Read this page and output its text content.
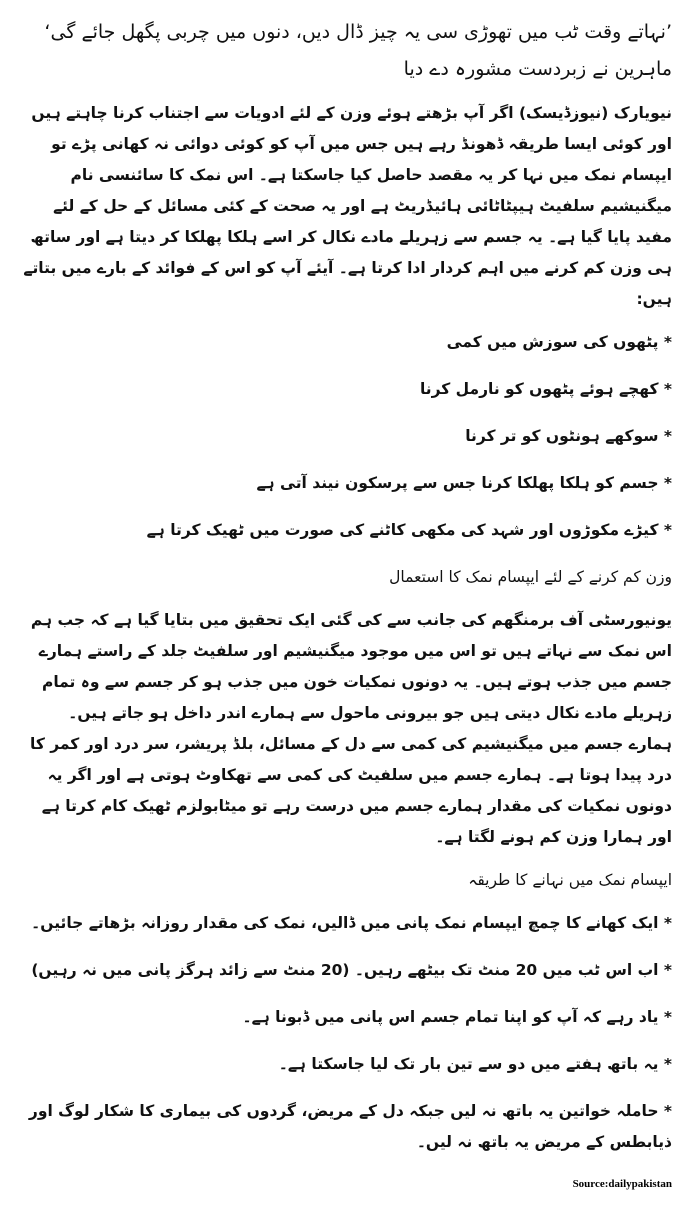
’نہاتے وقت ٹب میں تھوڑی سی یہ چیز ڈال دیں، دنوں میں چربی پگھل جائے گی‘ ماہرین نے زبردست مشورہ دے دیا

نیویارک (نیوزڈیسک) اگر آپ بڑھتے ہوئے وزن کے لئے ادویات سے اجتناب کرنا چاہتے ہیں اور کوئی ایسا طریقہ ڈھونڈ رہے ہیں جس میں آپ کو کوئی دوائی نہ کھانی پڑے تو ایپسام نمک میں نہا کر یہ مقصد حاصل کیا جاسکتا ہے۔ اس نمک کا سائنسی نام میگنیشیم سلفیٹ ہیپٹاٹائی ہائیڈریٹ ہے اور یہ صحت کے کئی مسائل کے حل کے لئے مفید پایا گیا ہے۔ یہ جسم سے زہریلے مادے نکال کر اسے ہلکا پھلکا کر دیتا ہے اور ساتھ ہی وزن کم کرنے میں اہم کردار ادا کرتا ہے۔ آیئے آپ کو اس کے فوائد کے بارے میں بتاتے ہیں:

* پٹھوں کی سوزش میں کمی

* کھچے ہوئے پٹھوں کو نارمل کرنا

* سوکھے ہونٹوں کو تر کرنا

* جسم کو ہلکا پھلکا کرنا جس سے پرسکون نیند آتی ہے

* کیڑے مکوڑوں اور شہد کی مکھی کاٹنے کی صورت میں ٹھیک کرتا ہے

وزن کم کرنے کے لئے ایپسام نمک کا استعمال

یونیورسٹی آف برمنگھم کی جانب سے کی گئی ایک تحقیق میں بتایا گیا ہے کہ جب ہم اس نمک سے نہاتے ہیں تو اس میں موجود میگنیشیم اور سلفیٹ جلد کے راستے ہمارے جسم میں جذب ہوتے ہیں۔ یہ دونوں نمکیات خون میں جذب ہو کر جسم سے وہ تمام زہریلے مادے نکال دیتی ہیں جو بیرونی ماحول سے ہمارے اندر داخل ہو جاتے ہیں۔ ہمارے جسم میں میگنیشیم کی کمی سے دل کے مسائل، بلڈ پریشر، سر درد اور کمر کا درد پیدا ہوتا ہے۔ ہمارے جسم میں سلفیٹ کی کمی سے تھکاوٹ ہوتی ہے اور اگر یہ دونوں نمکیات کی مقدار ہمارے جسم میں درست رہے تو میٹابولزم ٹھیک کام کرتا ہے اور ہمارا وزن کم ہونے لگتا ہے۔

ایپسام نمک میں نہانے کا طریقہ

* ایک کھانے کا چمچ ایپسام نمک پانی میں ڈالیں، نمک کی مقدار روزانہ بڑھاتے جائیں۔

* اب اس ٹب میں 20 منٹ تک بیٹھے رہیں۔ (20 منٹ سے زائد ہرگز پانی میں نہ رہیں)

* یاد رہے کہ آپ کو اپنا تمام جسم اس پانی میں ڈبونا ہے۔

* یہ باتھ ہفتے میں دو سے تین بار تک لیا جاسکتا ہے۔

* حاملہ خواتین یہ باتھ نہ لیں جبکہ دل کے مریض، گردوں کی بیماری کا شکار لوگ اور ذیابطس کے مریض یہ باتھ نہ لیں۔

Source:dailypakistan
